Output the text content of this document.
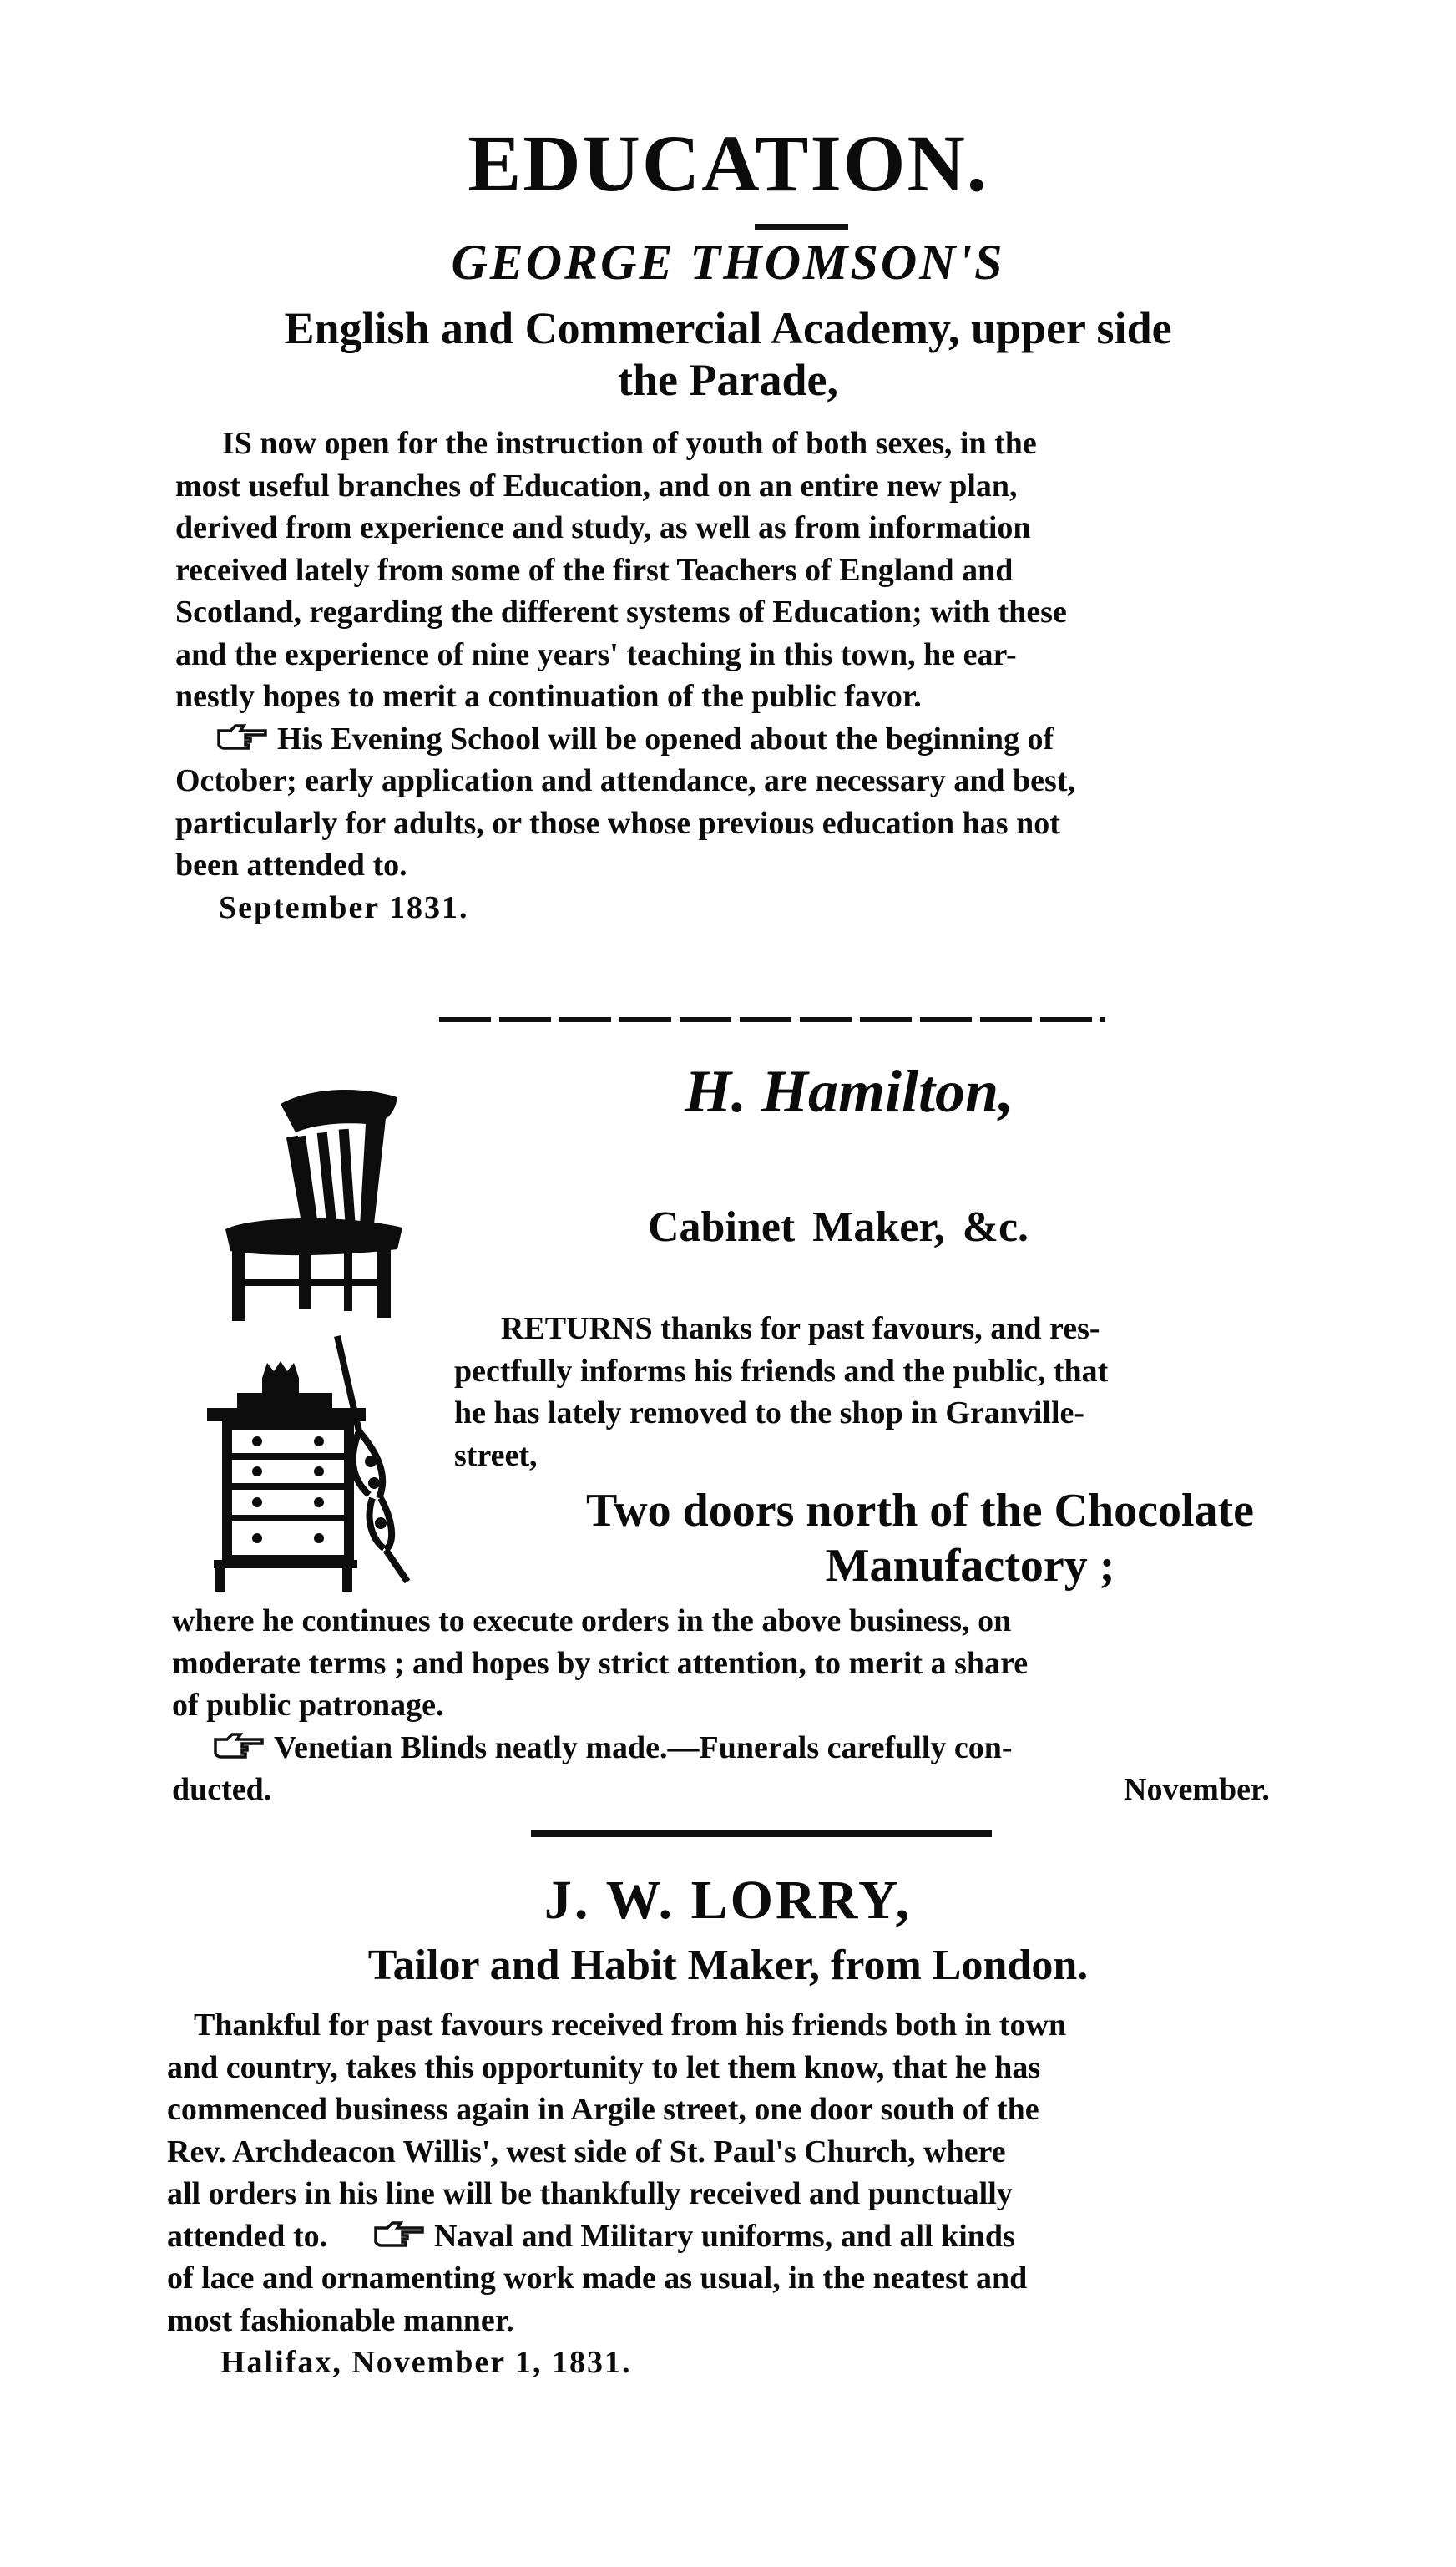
EDUCATION.
GEORGE THOMSON'S
English and Commercial Academy, upper side
the Parade,
IS now open for the instruction of youth of both sexes, in the
most useful branches of Education, and on an entire new plan,
derived from experience and study, as well as from information
received lately from some of the first Teachers of England and
Scotland, regarding the different systems of Education; with these
and the experience of nine years' teaching in this town, he ear-
nestly hopes to merit a continuation of the public favor.
His Evening School will be opened about the beginning of
October; early application and attendance, are necessary and best,
particularly for adults, or those whose previous education has not
been attended to.
September 1831.
H. Hamilton,
Cabinet Maker, &c.
RETURNS thanks for past favours, and res-
pectfully informs his friends and the public, that
he has lately removed to the shop in Granville-
street,
Two doors north of the Chocolate
Manufactory ;
where he continues to execute orders in the above business, on
moderate terms ; and hopes by strict attention, to merit a share
of public patronage.
Venetian Blinds neatly made.—Funerals carefully con-
ducted.	November.
J. W. LORRY,
Tailor and Habit Maker, from London.
Thankful for past favours received from his friends both in town
and country, takes this opportunity to let them know, that he has
commenced business again in Argile street, one door south of the
Rev. Archdeacon Willis', west side of St. Paul's Church, where
all orders in his line will be thankfully received and punctually
attended to.	Naval and Military uniforms, and all kinds
of lace and ornamenting work made as usual, in the neatest and
most fashionable manner.
Halifax, November 1, 1831.
